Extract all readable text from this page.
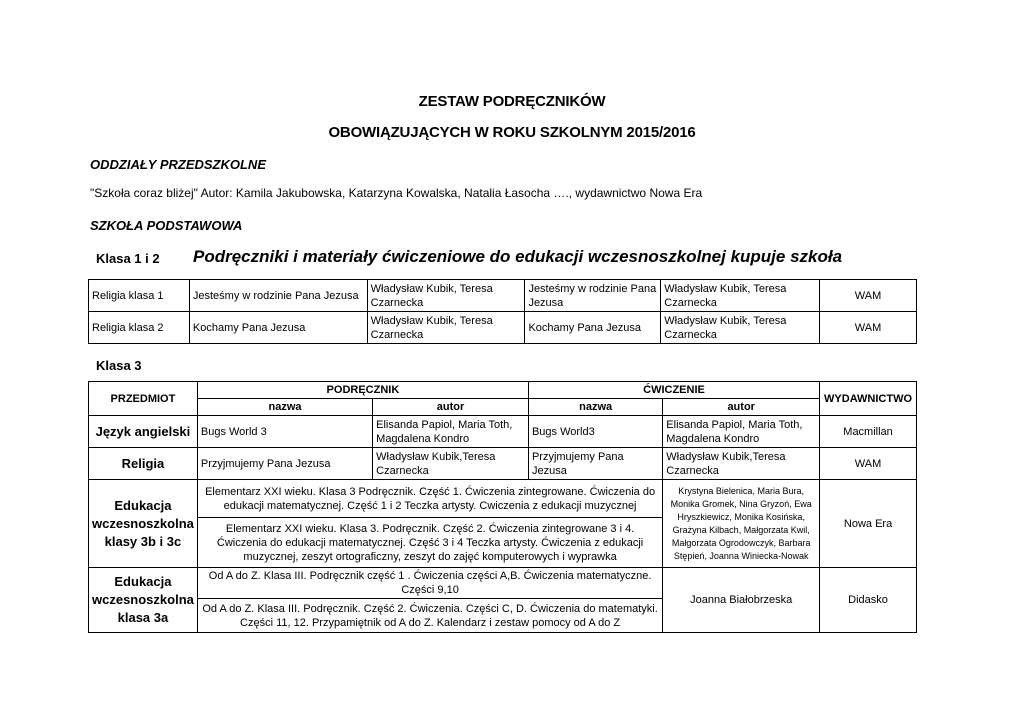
ZESTAW PODRĘCZNIKÓW
OBOWIĄZUJĄCYCH W ROKU SZKOLNYM 2015/2016
ODDZIAŁY PRZEDSZKOLNE
"Szkoła coraz bliżej" Autor: Kamila Jakubowska, Katarzyna Kowalska, Natalia Łasocha …., wydawnictwo Nowa Era
SZKOŁA PODSTAWOWA
Klasa 1 i 2 Podręczniki i materiały ćwiczeniowe do edukacji wczesnoszkolnej kupuje szkoła
Religia klasa 1	Jesteśmy w rodzinie Pana Jezusa	Władysław Kubik, Teresa Czarnecka	Jesteśmy w rodzinie Pana Jezusa	Władysław Kubik, Teresa Czarnecka	WAM
Religia klasa 2	Kochamy Pana Jezusa	Władysław Kubik, Teresa Czarnecka	Kochamy Pana Jezusa	Władysław Kubik, Teresa Czarnecka	WAM
Klasa 3
PRZEDMIOT	PODRĘCZNIK		ĆWICZENIE		WYDAWNICTWO
	nazwa	autor	nazwa	autor	
Język angielski	Bugs World 3	Elisanda Papiol, Maria Toth, Magdalena Kondro	Bugs World3	Elisanda Papiol, Maria Toth, Magdalena Kondro	Macmillan
Religia	Przyjmujemy Pana Jezusa	Władysław Kubik,Teresa Czarnecka	Przyjmujemy Pana Jezusa	Władysław Kubik,Teresa Czarnecka	WAM
Edukacja wczesnoszkolna klasy 3b i 3c	Elementarz XXI wieku. Klasa 3 Podręcznik. Część 1. Ćwiczenia zintegrowane. Ćwiczenia do edukacji matematycznej. Część 1 i 2 Teczka artysty. Cwiczenia z edukacji muzycznej			Krystyna Bielenica, Maria Bura, Monika Gromek, Nina Gryzoń, Ewa Hryszkiewicz, Monika Kosińska, Grażyna Kilbach, Małgorzata Kwil, Małgorzata Ogrodowczyk, Barbara Stępień, Joanna Winiecka-Nowak	Nowa Era
	Elementarz XXI wieku. Klasa 3. Podręcznik. Część 2. Ćwiczenia zintegrowane 3 i 4. Ćwiczenia do edukacji matematycznej. Część 3 i 4 Teczka artysty. Ćwiczenia z edukacji muzycznej, zeszyt ortograficzny, zeszyt do zajęć komputerowych i wyprawka				
Edukacja wczesnoszkolna klasa 3a	Od A do Z. Klasa III. Podręcznik część 1 . Ćwiczenia części A,B. Ćwiczenia matematyczne. Części 9,10			Joanna Białobrzeska	Didasko
	Od A do Z. Klasa III. Podręcznik. Część 2. Ćwiczenia. Części C, D. Ćwiczenia do matematyki. Części 11, 12. Przypamiętnik od A do Z. Kalendarz i zestaw pomocy od A do Z				
